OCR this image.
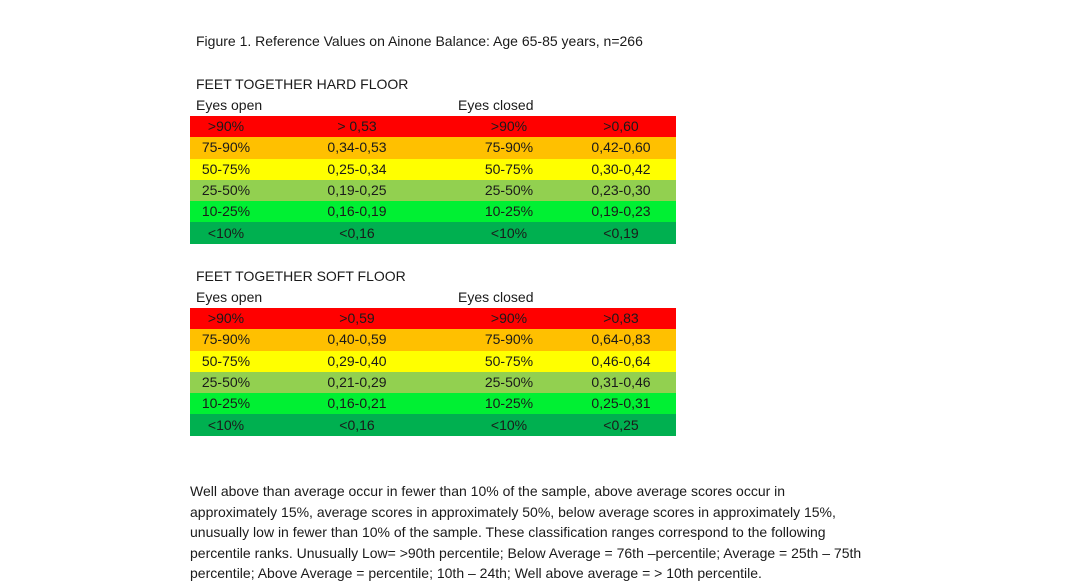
Figure 1. Reference Values on Ainone Balance: Age 65-85 years, n=266
FEET TOGETHER HARD FLOOR
Eyes open	Eyes closed
>90%	> 0,53	>90%	>0,60
75-90%	0,34-0,53	75-90%	0,42-0,60
50-75%	0,25-0,34	50-75%	0,30-0,42
25-50%	0,19-0,25	25-50%	0,23-0,30
10-25%	0,16-0,19	10-25%	0,19-0,23
<10%	<0,16	<10%	<0,19
FEET TOGETHER SOFT FLOOR
Eyes open	Eyes closed
>90%	>0,59	>90%	>0,83
75-90%	0,40-0,59	75-90%	0,64-0,83
50-75%	0,29-0,40	50-75%	0,46-0,64
25-50%	0,21-0,29	25-50%	0,31-0,46
10-25%	0,16-0,21	10-25%	0,25-0,31
<10%	<0,16	<10%	<0,25
Well above than average occur in fewer than 10% of the sample, above average scores occur in approximately 15%, average scores in approximately 50%, below average scores in approximately 15%, unusually low in fewer than 10% of the sample. These classification ranges correspond to the following percentile ranks. Unusually Low= >90th percentile; Below Average = 76th –percentile; Average = 25th – 75th percentile; Above Average = percentile; 10th – 24th; Well above average = > 10th percentile.
